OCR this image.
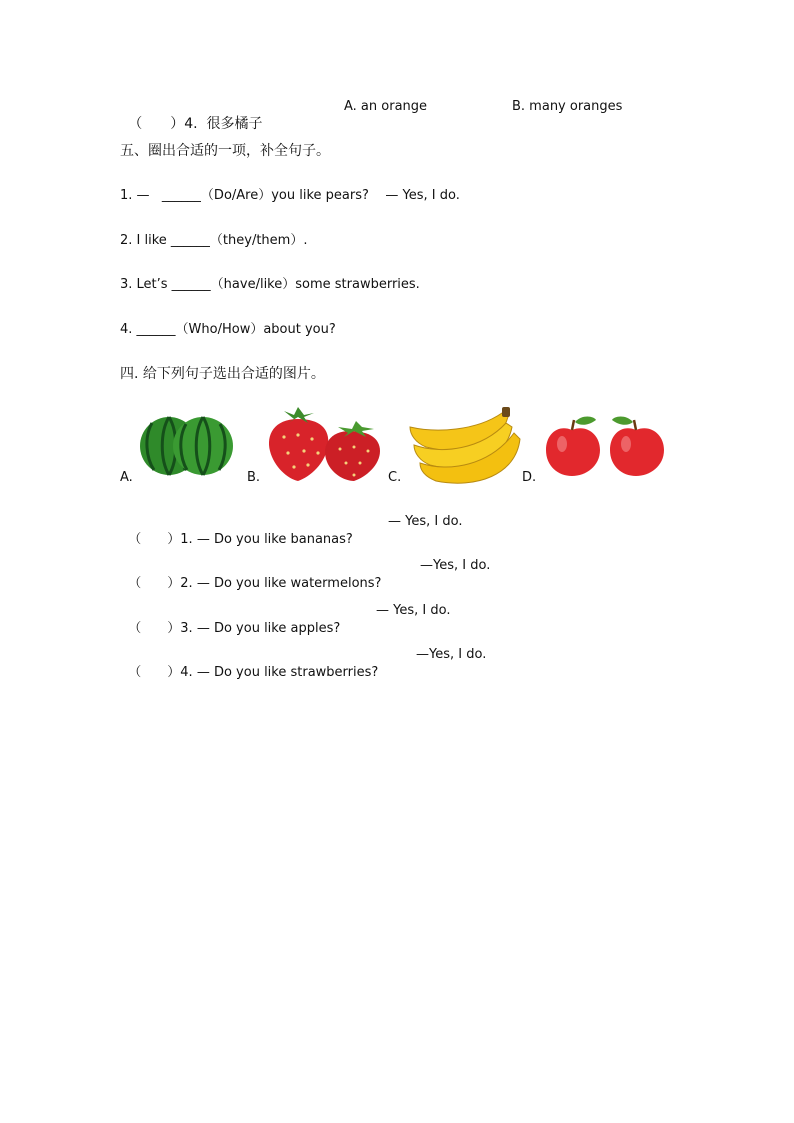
（　　）4.  很多橘子

A. an orange	B. many oranges
五、圈出合适的一项，补全句子。
1. —   ______（Do/Are）you like pears?    — Yes, I do.
2. I like ______（they/them）.
3. Let’s ______（have/like）some strawberries.
4. ______（Who/How）about you?
四. 给下列句子选出合适的图片。
A.	B.	C.	D.

（　　）1. — Do you like bananas?

— Yes, I do.

（　　）2. — Do you like watermelons?

—Yes, I do.

（　　）3. — Do you like apples?

— Yes, I do.

（　　）4. — Do you like strawberries?

—Yes, I do.
